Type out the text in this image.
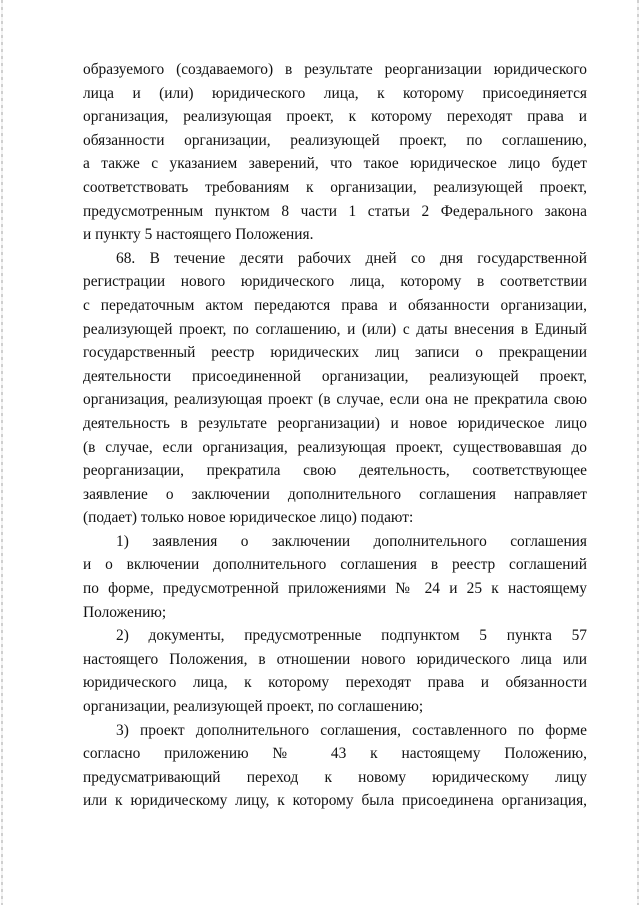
образуемого (создаваемого) в результате реорганизации юридического
лица и (или) юридического лица, к которому присоединяется
организация, реализующая проект, к которому переходят права и
обязанности организации, реализующей проект, по соглашению,
а также с указанием заверений, что такое юридическое лицо будет
соответствовать требованиям к организации, реализующей проект,
предусмотренным пунктом 8 части 1 статьи 2 Федерального закона
и пункту 5 настоящего Положения.
68. В течение десяти рабочих дней со дня государственной
регистрации нового юридического лица, которому в соответствии
с передаточным актом передаются права и обязанности организации,
реализующей проект, по соглашению, и (или) с даты внесения в Единый
государственный реестр юридических лиц записи о прекращении
деятельности присоединенной организации, реализующей проект,
организация, реализующая проект (в случае, если она не прекратила свою
деятельность в результате реорганизации) и новое юридическое лицо
(в случае, если организация, реализующая проект, существовавшая до
реорганизации, прекратила свою деятельность, соответствующее
заявление о заключении дополнительного соглашения направляет
(подает) только новое юридическое лицо) подают:
1) заявления о заключении дополнительного соглашения
и о включении дополнительного соглашения в реестр соглашений
по форме, предусмотренной приложениями № 24 и 25 к настоящему
Положению;
2) документы, предусмотренные подпунктом 5 пункта 57
настоящего Положения, в отношении нового юридического лица или
юридического лица, к которому переходят права и обязанности
организации, реализующей проект, по соглашению;
3) проект дополнительного соглашения, составленного по форме
согласно приложению № 43 к настоящему Положению,
предусматривающий переход к новому юридическому лицу
или к юридическому лицу, к которому была присоединена организация,
